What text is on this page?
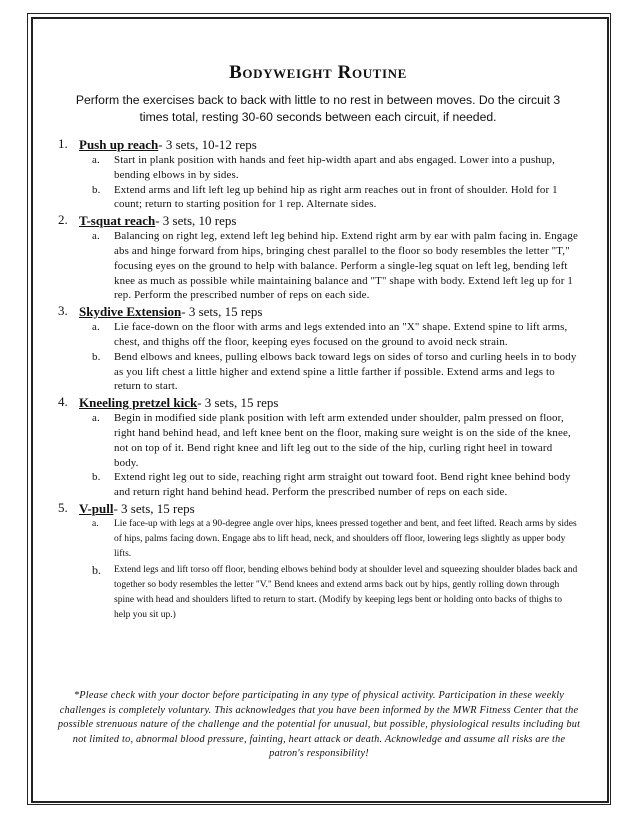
Bodyweight Routine

Perform the exercises back to back with little to no rest in between moves. Do the circuit 3 times total, resting 30-60 seconds between each circuit, if needed.

1. Push up reach- 3 sets, 10-12 reps
a. Start in plank position with hands and feet hip-width apart and abs engaged. Lower into a pushup, bending elbows in by sides.
b. Extend arms and lift left leg up behind hip as right arm reaches out in front of shoulder. Hold for 1 count; return to starting position for 1 rep. Alternate sides.
2. T-squat reach- 3 sets, 10 reps
a. Balancing on right leg, extend left leg behind hip. Extend right arm by ear with palm facing in. Engage abs and hinge forward from hips, bringing chest parallel to the floor so body resembles the letter "T," focusing eyes on the ground to help with balance. Perform a single-leg squat on left leg, bending left knee as much as possible while maintaining balance and "T" shape with body. Extend left leg up for 1 rep. Perform the prescribed number of reps on each side.
3. Skydive Extension- 3 sets, 15 reps
a. Lie face-down on the floor with arms and legs extended into an "X" shape. Extend spine to lift arms, chest, and thighs off the floor, keeping eyes focused on the ground to avoid neck strain.
b. Bend elbows and knees, pulling elbows back toward legs on sides of torso and curling heels in to body as you lift chest a little higher and extend spine a little farther if possible. Extend arms and legs to return to start.
4. Kneeling pretzel kick- 3 sets, 15 reps
a. Begin in modified side plank position with left arm extended under shoulder, palm pressed on floor, right hand behind head, and left knee bent on the floor, making sure weight is on the side of the knee, not on top of it. Bend right knee and lift leg out to the side of the hip, curling right heel in toward body.
b. Extend right leg out to side, reaching right arm straight out toward foot. Bend right knee behind body and return right hand behind head. Perform the prescribed number of reps on each side.
5. V-pull- 3 sets, 15 reps
a. Lie face-up with legs at a 90-degree angle over hips, knees pressed together and bent, and feet lifted. Reach arms by sides of hips, palms facing down. Engage abs to lift head, neck, and shoulders off floor, lowering legs slightly as upper body lifts.
b. Extend legs and lift torso off floor, bending elbows behind body at shoulder level and squeezing shoulder blades back and together so body resembles the letter "V." Bend knees and extend arms back out by hips, gently rolling down through spine with head and shoulders lifted to return to start. (Modify by keeping legs bent or holding onto backs of thighs to help you sit up.)

*Please check with your doctor before participating in any type of physical activity. Participation in these weekly challenges is completely voluntary. This acknowledges that you have been informed by the MWR Fitness Center that the possible strenuous nature of the challenge and the potential for unusual, but possible, physiological results including but not limited to, abnormal blood pressure, fainting, heart attack or death. Acknowledge and assume all risks are the patron's responsibility!
